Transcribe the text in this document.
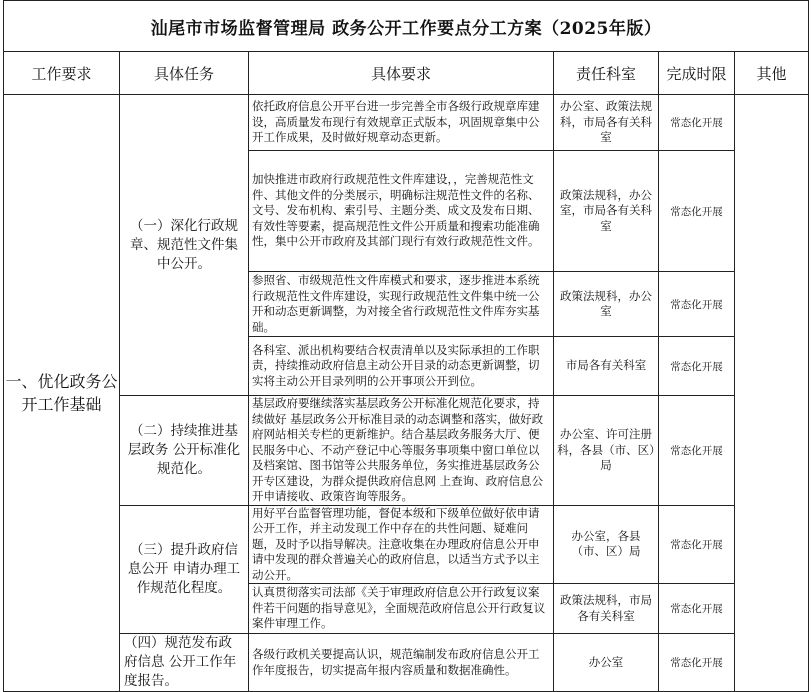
汕尾市市场监督管理局 政务公开工作要点分工方案（2025年版）					
工作要求	具体任务	具体要求	责任科室	完成时限	其他
一、优化政务公开工作基础	（一）深化行政规章、规范性文件集中公开。	依托政府信息公开平台进一步完善全市各级行政规章库建设，高质量发布现行有效规章正式版本，巩固规章集中公开工作成果，及时做好规章动态更新。	办公室、政策法规科，市局各有关科室	常态化开展	
		加快推进市政府行政规范性文件库建设，，完善规范性文件、其他文件的分类展示，明确标注规范性文件的名称、文号、发布机构、索引号、主题分类、成文及发布日期、有效性等要素，提高规范性文件公开质量和搜索功能准确性，集中公开市政府及其部门现行有效行政规范性文件。	政策法规科，办公室，市局各有关科室	常态化开展	
		参照省、市级规范性文件库模式和要求，逐步推进本系统行政规范性文件库建设，实现行政规范性文件集中统一公开和动态更新调整，为对接全省行政规范性文件库夯实基础。	政策法规科，办公室	常态化开展	
		各科室、派出机构要结合权责清单以及实际承担的工作职责，持续推动政府信息主动公开目录的动态更新调整，切实将主动公开目录列明的公开事项公开到位。	市局各有关科室	常态化开展	
	（二）持续推进基层政务 公开标准化规范化。	基层政府要继续落实基层政务公开标准化规范化要求，持续做好 基层政务公开标准目录的动态调整和落实，做好政府网站相关专栏的更新维护。结合基层政务服务大厅、便民服务中心、不动产登记中心等服务事项集中窗口单位以及档案馆、图书馆等公共服务单位，务实推进基层政务公开专区建设，为群众提供政府信息网 上查询、政府信息公开申请接收、政策咨询等服务。	办公室、许可注册科，各县（市、区）局	常态化开展	
	（三）提升政府信息公开 申请办理工作规范化程度。	用好平台监督管理功能，督促本级和下级单位做好依申请公开工作，并主动发现工作中存在的共性问题、疑难问题，及时予以指导解决。注意收集在办理政府信息公开申请中发现的群众普遍关心的政府信息，以适当方式予以主动公开。	办公室，各县（市、区）局	常态化开展	
		认真贯彻落实司法部《关于审理政府信息公开行政复议案件若干问题的指导意见》，全面规范政府信息公开行政复议案件审理工作。	政策法规科，市局各有关科室	常态化开展	
	（四）规范发布政府信息 公开工作年度报告。	各级行政机关要提高认识，规范编制发布政府信息公开工作年度报告，切实提高年报内容质量和数据准确性。	办公室	常态化开展	
